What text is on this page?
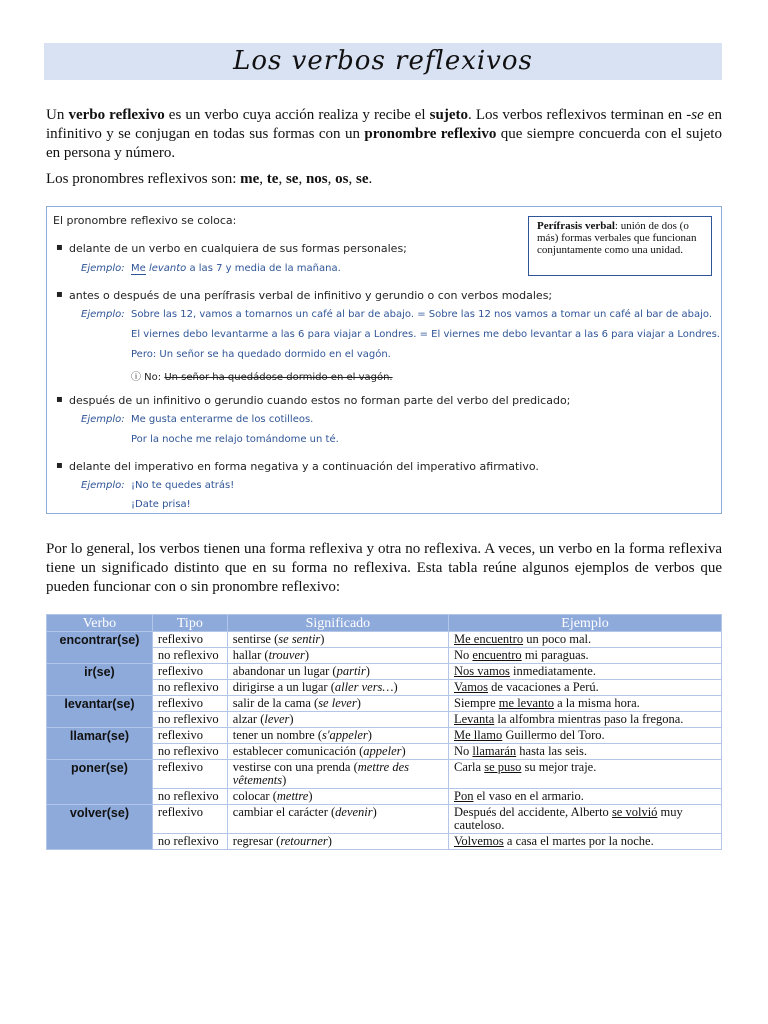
Los verbos reflexivos

Un verbo reflexivo es un verbo cuya acción realiza y recibe el sujeto. Los verbos reflexivos terminan en -se en infinitivo y se conjugan en todas sus formas con un pronombre reflexivo que siempre concuerda con el sujeto en persona y número.

Los pronombres reflexivos son: me, te, se, nos, os, se.

El pronombre reflexivo se coloca:	Perífrasis verbal: unión de dos (o más) formas verbales que funcionan conjuntamente como una unidad.
▪ delante de un verbo en cualquiera de sus formas personales;
Ejemplo: Me levanto a las 7 y media de la mañana.
▪ antes o después de una perífrasis verbal de infinitivo y gerundio o con verbos modales;
Ejemplo: Sobre las 12, vamos a tomarnos un café al bar de abajo. = Sobre las 12 nos vamos a tomar un café al bar de abajo.
El viernes debo levantarme a las 6 para viajar a Londres. = El viernes me debo levantar a las 6 para viajar a Londres.
Pero: Un señor se ha quedado dormido en el vagón.
ⓘ No: Un señor ha quedádose dormido en el vagón.
▪ después de un infinitivo o gerundio cuando estos no forman parte del verbo del predicado;
Ejemplo: Me gusta enterarme de los cotilleos.
Por la noche me relajo tomándome un té.
▪ delante del imperativo en forma negativa y a continuación del imperativo afirmativo.
Ejemplo: ¡No te quedes atrás!
¡Date prisa!
Por lo general, los verbos tienen una forma reflexiva y otra no reflexiva. A veces, un verbo en la forma reflexiva tiene un significado distinto que en su forma no reflexiva. Esta tabla reúne algunos ejemplos de verbos que pueden funcionar con o sin pronombre reflexivo:
Verbo	Tipo	Significado	Ejemplo
encontrar(se)	reflexivo	sentirse (se sentir)	Me encuentro un poco mal.
	no reflexivo	hallar (trouver)	No encuentro mi paraguas.
ir(se)	reflexivo	abandonar un lugar (partir)	Nos vamos inmediatamente.
	no reflexivo	dirigirse a un lugar (aller vers…)	Vamos de vacaciones a Perú.
levantar(se)	reflexivo	salir de la cama (se lever)	Siempre me levanto a la misma hora.
	no reflexivo	alzar (lever)	Levanta la alfombra mientras paso la fregona.
llamar(se)	reflexivo	tener un nombre (s'appeler)	Me llamo Guillermo del Toro.
	no reflexivo	establecer comunicación (appeler)	No llamarán hasta las seis.
poner(se)	reflexivo	vestirse con una prenda (mettre des vêtements)	Carla se puso su mejor traje.
	no reflexivo	colocar (mettre)	Pon el vaso en el armario.
volver(se)	reflexivo	cambiar el carácter (devenir)	Después del accidente, Alberto se volvió muy cauteloso.
	no reflexivo	regresar (retourner)	Volvemos a casa el martes por la noche.
